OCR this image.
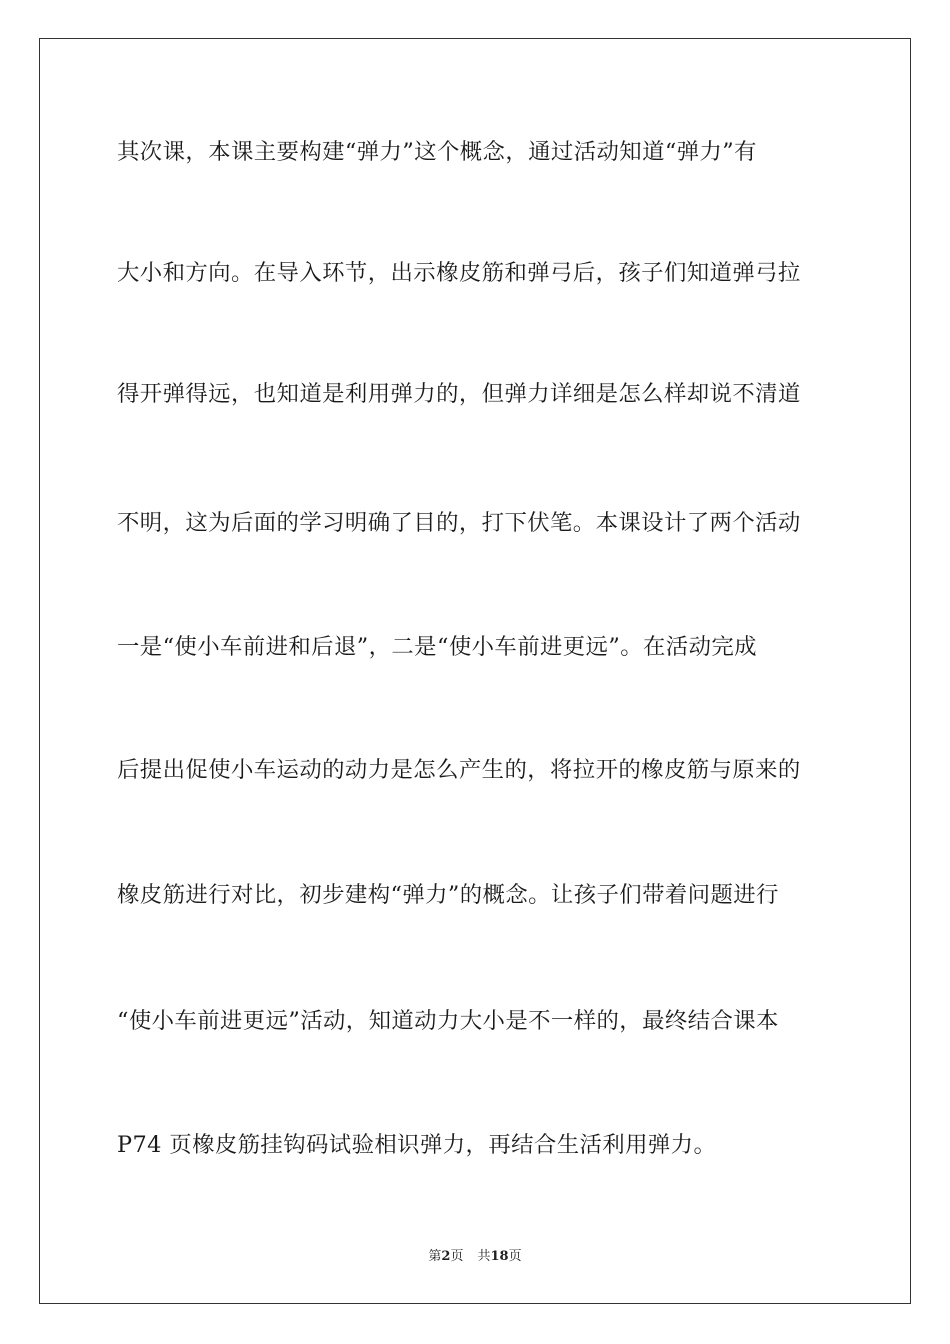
其次课，本课主要构建“弹力”这个概念，通过活动知道“弹力”有
大小和方向。在导入环节，出示橡皮筋和弹弓后，孩子们知道弹弓拉
得开弹得远，也知道是利用弹力的，但弹力详细是怎么样却说不清道
不明，这为后面的学习明确了目的，打下伏笔。本课设计了两个活动
一是“使小车前进和后退”，二是“使小车前进更远”。在活动完成
后提出促使小车运动的动力是怎么产生的，将拉开的橡皮筋与原来的
橡皮筋进行对比，初步建构“弹力”的概念。让孩子们带着问题进行
“使小车前进更远”活动，知道动力大小是不一样的，最终结合课本
P74 页橡皮筋挂钩码试验相识弹力，再结合生活利用弹力。
第2页 共18页
